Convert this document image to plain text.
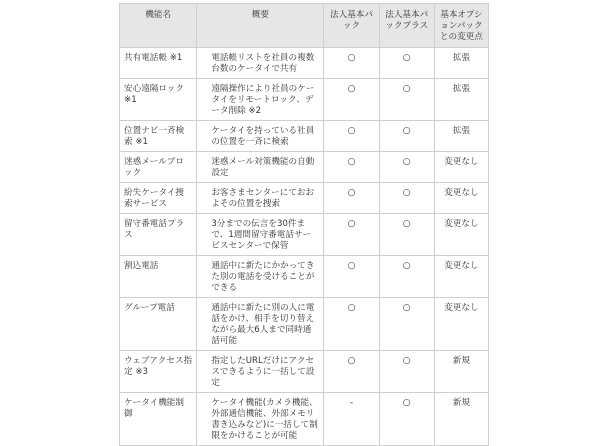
機能名	概要	法人基本パック	法人基本パックプラス	基本オプションパックとの変更点
共有電話帳 ※1	電話帳リストを社員の複数台数のケータイで共有	○	○	拡張
安心遠隔ロック ※1	遠隔操作により社員のケータイをリモートロック、データ削除 ※2	○	○	拡張
位置ナビ一斉検索 ※1	ケータイを持っている社員の位置を一斉に検索	○	○	拡張
迷惑メールブロック	迷惑メール対策機能の自動設定	○	○	変更なし
紛失ケータイ捜索サービス	お客さまセンターにておおよその位置を捜索	○	○	変更なし
留守番電話プラス	3分までの伝言を30件まで、1週間留守番電話サービスセンターで保管	○	○	変更なし
割込電話	通話中に新たにかかってきた別の電話を受けることができる	○	○	変更なし
グループ電話	通話中に新たに別の人に電話をかけ、相手を切り替えながら最大6人まで同時通話可能	○	○	変更なし
ウェブアクセス指定 ※3	指定したURLだけにアクセスできるように一括して設定	○	○	新規
ケータイ機能制御	ケータイ機能(カメラ機能、外部通信機能、外部メモリ書き込みなど)に一括して制限をかけることが可能	-	○	新規
